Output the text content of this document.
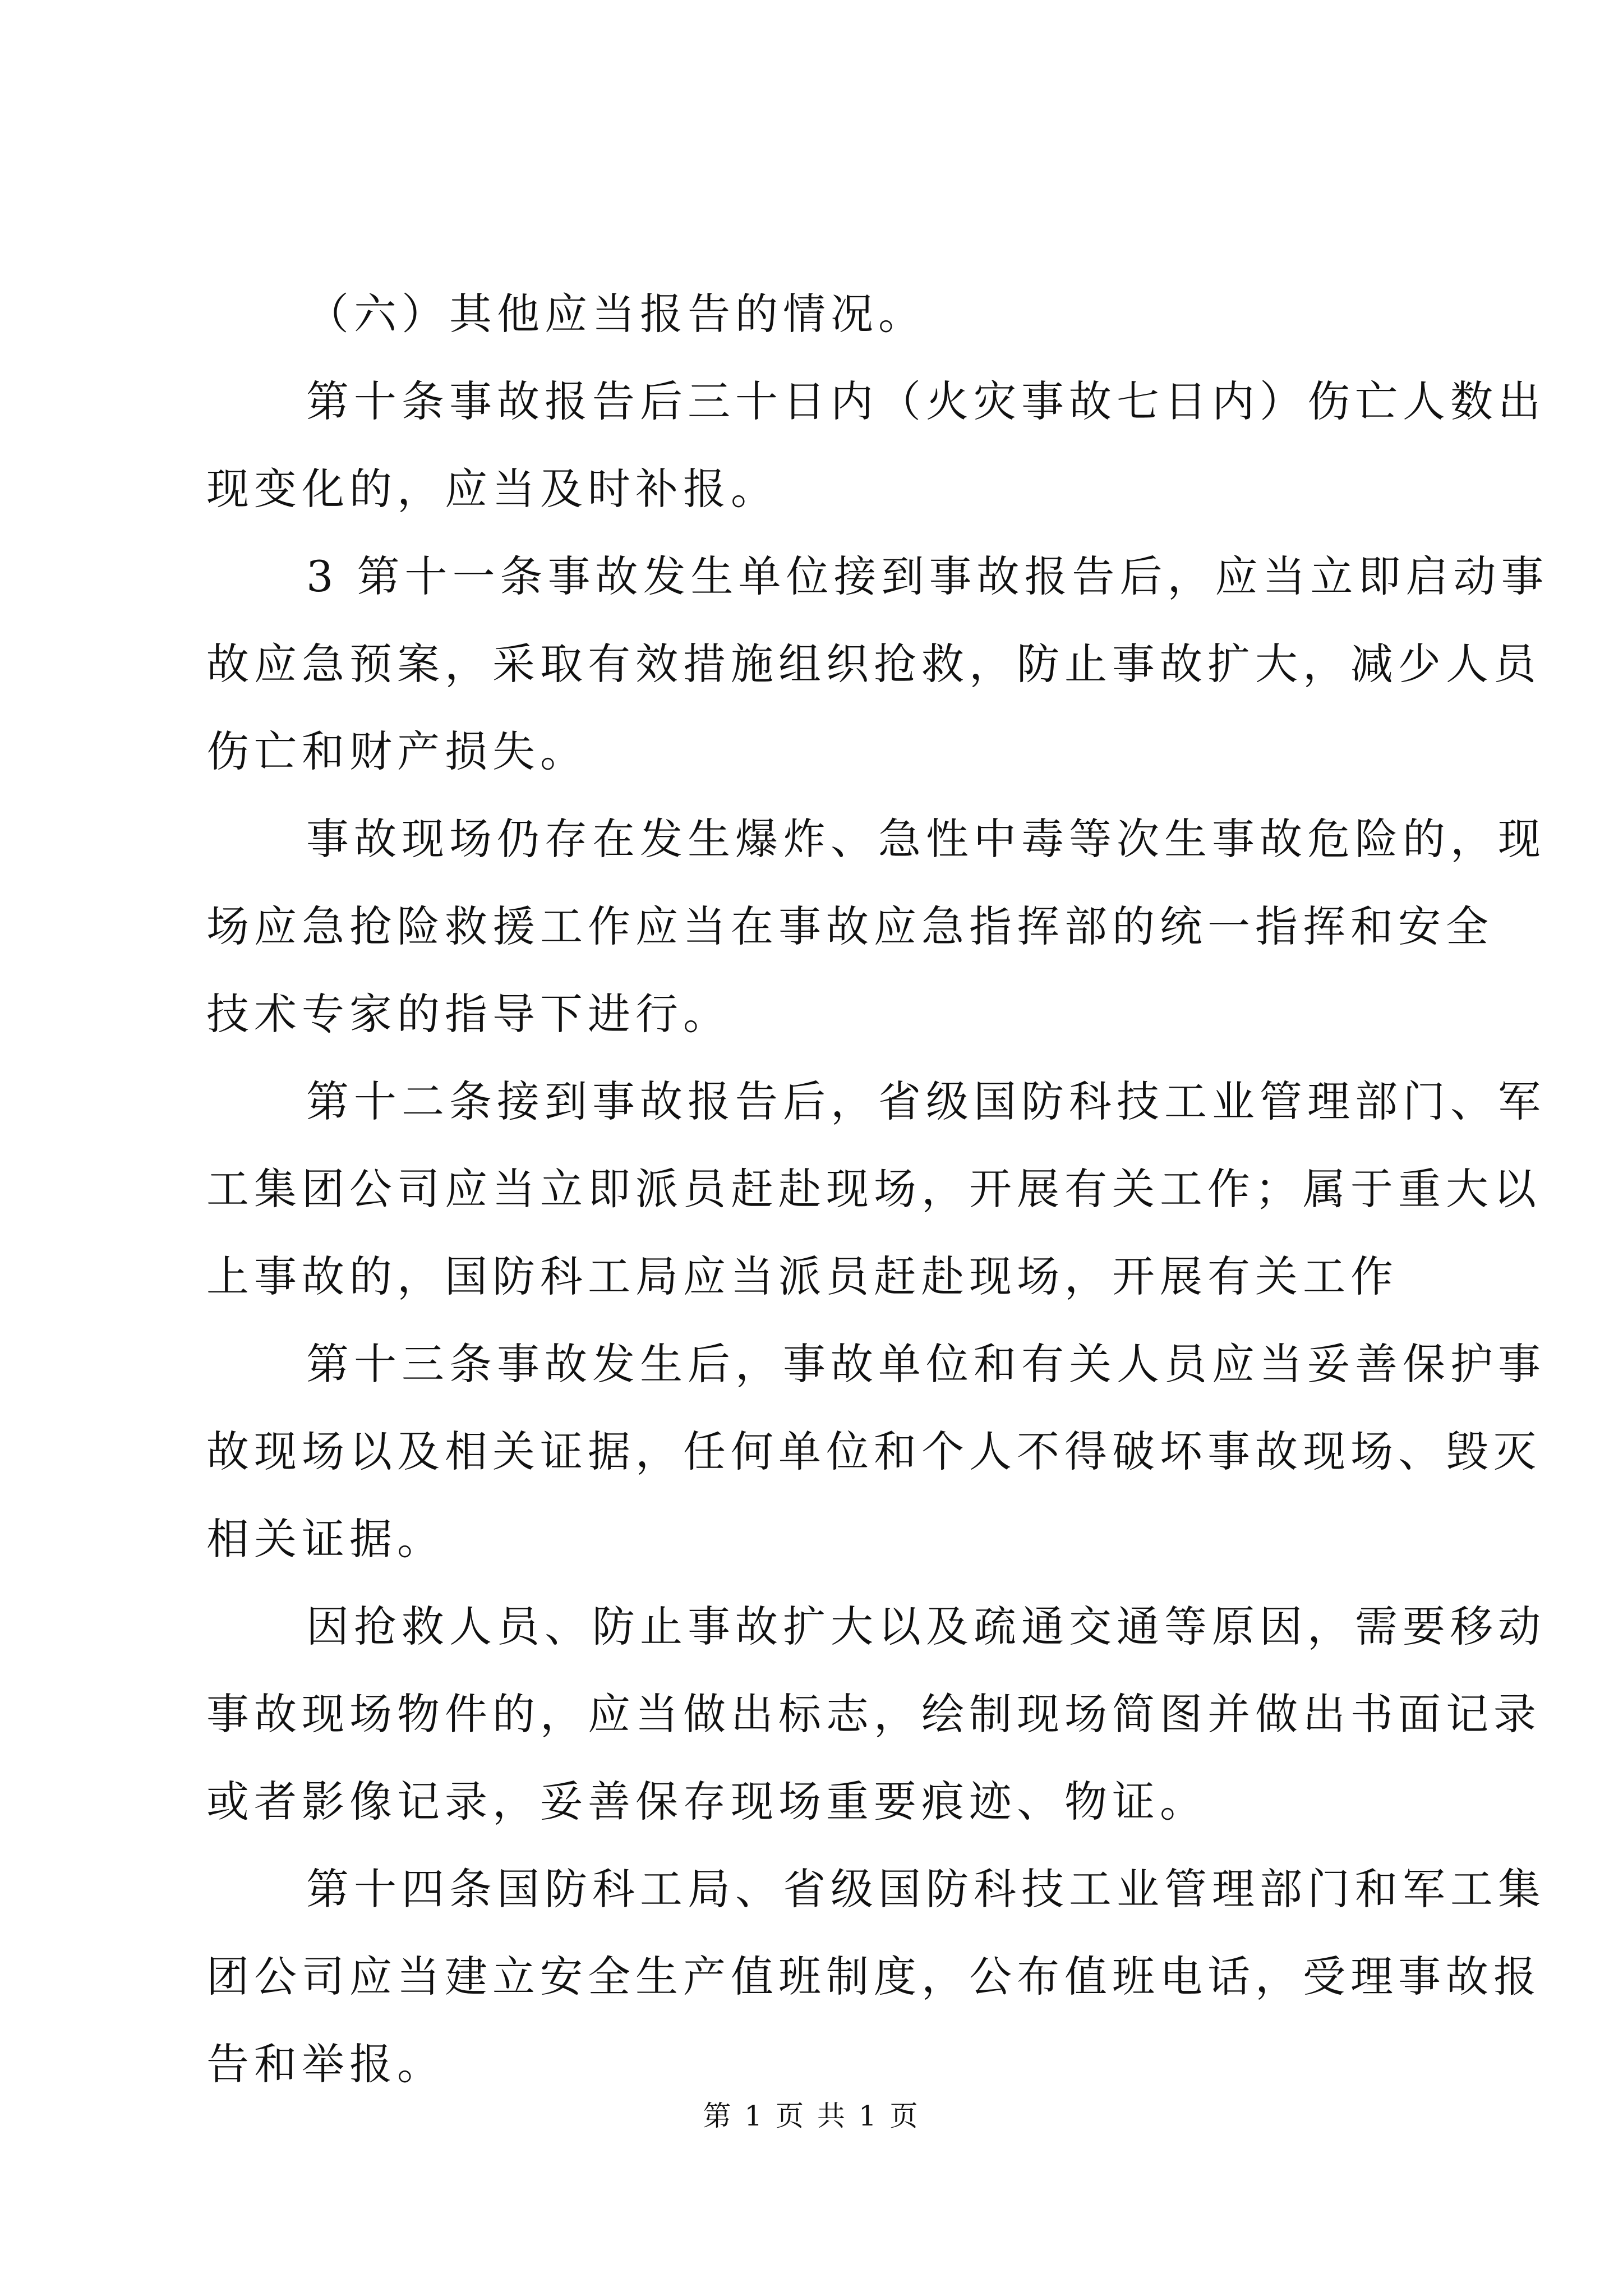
（六）其他应当报告的情况。

第十条事故报告后三十日内（火灾事故七日内）伤亡人数出
现变化的，应当及时补报。

3 第十一条事故发生单位接到事故报告后，应当立即启动事
故应急预案，采取有效措施组织抢救，防止事故扩大，减少人员
伤亡和财产损失。

事故现场仍存在发生爆炸、急性中毒等次生事故危险的，现
场应急抢险救援工作应当在事故应急指挥部的统一指挥和安全
技术专家的指导下进行。

第十二条接到事故报告后，省级国防科技工业管理部门、军
工集团公司应当立即派员赶赴现场，开展有关工作；属于重大以
上事故的，国防科工局应当派员赶赴现场，开展有关工作

第十三条事故发生后，事故单位和有关人员应当妥善保护事
故现场以及相关证据，任何单位和个人不得破坏事故现场、毁灭
相关证据。

因抢救人员、防止事故扩大以及疏通交通等原因，需要移动
事故现场物件的，应当做出标志，绘制现场简图并做出书面记录
或者影像记录，妥善保存现场重要痕迹、物证。

第十四条国防科工局、省级国防科技工业管理部门和军工集
团公司应当建立安全生产值班制度，公布值班电话，受理事故报
告和举报。

第 1 页 共 1 页
